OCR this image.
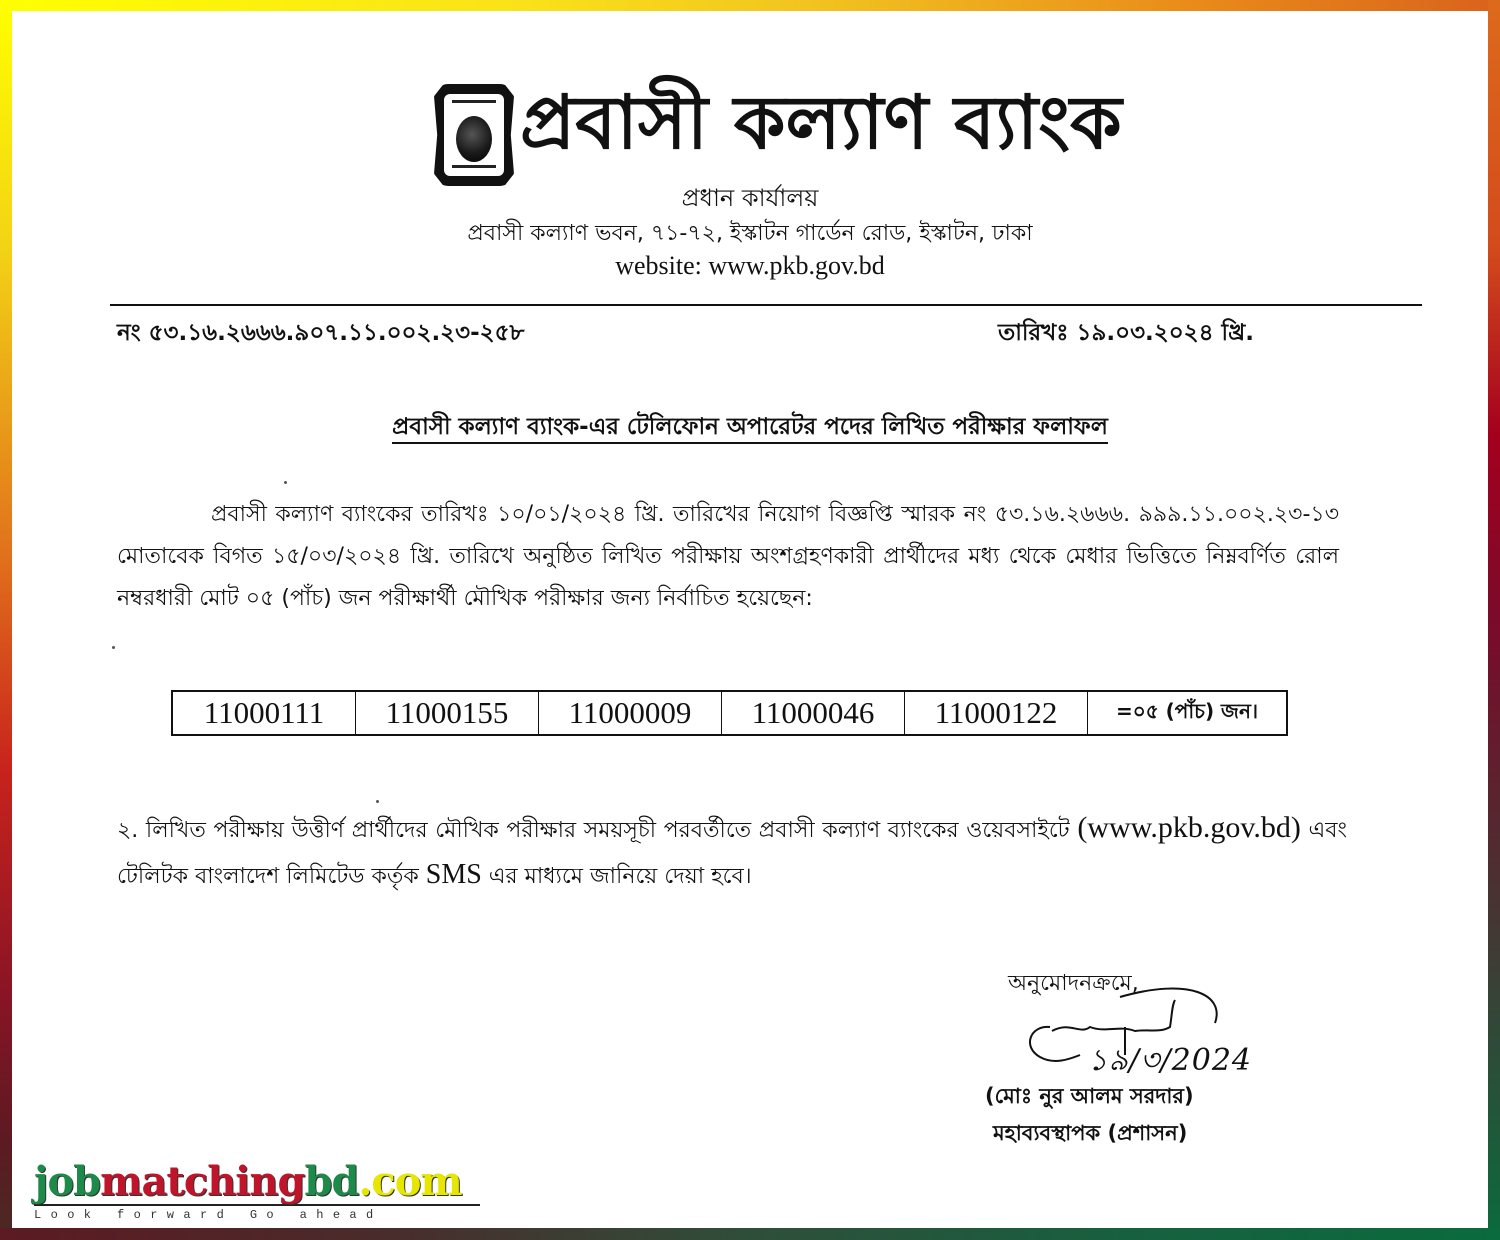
প্রবাসী কল্যাণ ব্যাংক
প্রধান কার্যালয়
প্রবাসী কল্যাণ ভবন, ৭১-৭২, ইস্কাটন গার্ডেন রোড, ইস্কাটন, ঢাকা
website: www.pkb.gov.bd
নং ৫৩.১৬.২৬৬৬.৯০৭.১১.০০২.২৩-২৫৮	তারিখঃ ১৯.০৩.২০২৪ খ্রি.
প্রবাসী কল্যাণ ব্যাংক-এর টেলিফোন অপারেটর পদের লিখিত পরীক্ষার ফলাফল
প্রবাসী কল্যাণ ব্যাংকের তারিখঃ ১০/০১/২০২৪ খ্রি. তারিখের নিয়োগ বিজ্ঞপ্তি স্মারক নং ৫৩.১৬.২৬৬৬. ৯৯৯.১১.০০২.২৩-১৩ মোতাবেক বিগত ১৫/০৩/২০২৪ খ্রি. তারিখে অনুষ্ঠিত লিখিত পরীক্ষায় অংশগ্রহণকারী প্রার্থীদের মধ্য থেকে মেধার ভিত্তিতে নিম্নবর্ণিত রোল নম্বরধারী মোট ০৫ (পাঁচ) জন পরীক্ষার্থী মৌখিক পরীক্ষার জন্য নির্বাচিত হয়েছেন:
11000111	11000155	11000009	11000046	11000122	=০৫ (পাঁচ) জন।
২. লিখিত পরীক্ষায় উত্তীর্ণ প্রার্থীদের মৌখিক পরীক্ষার সময়সূচী পরবর্তীতে প্রবাসী কল্যাণ ব্যাংকের ওয়েবসাইটে (www.pkb.gov.bd) এবং টেলিটক বাংলাদেশ লিমিটেড কর্তৃক SMS এর মাধ্যমে জানিয়ে দেয়া হবে।
অনুমোদনক্রমে,
১৯/৩/2024
(মোঃ নুর আলম সরদার)
মহাব্যবস্থাপক (প্রশাসন)
jobmatchingbd.com
Look forward Go ahead
